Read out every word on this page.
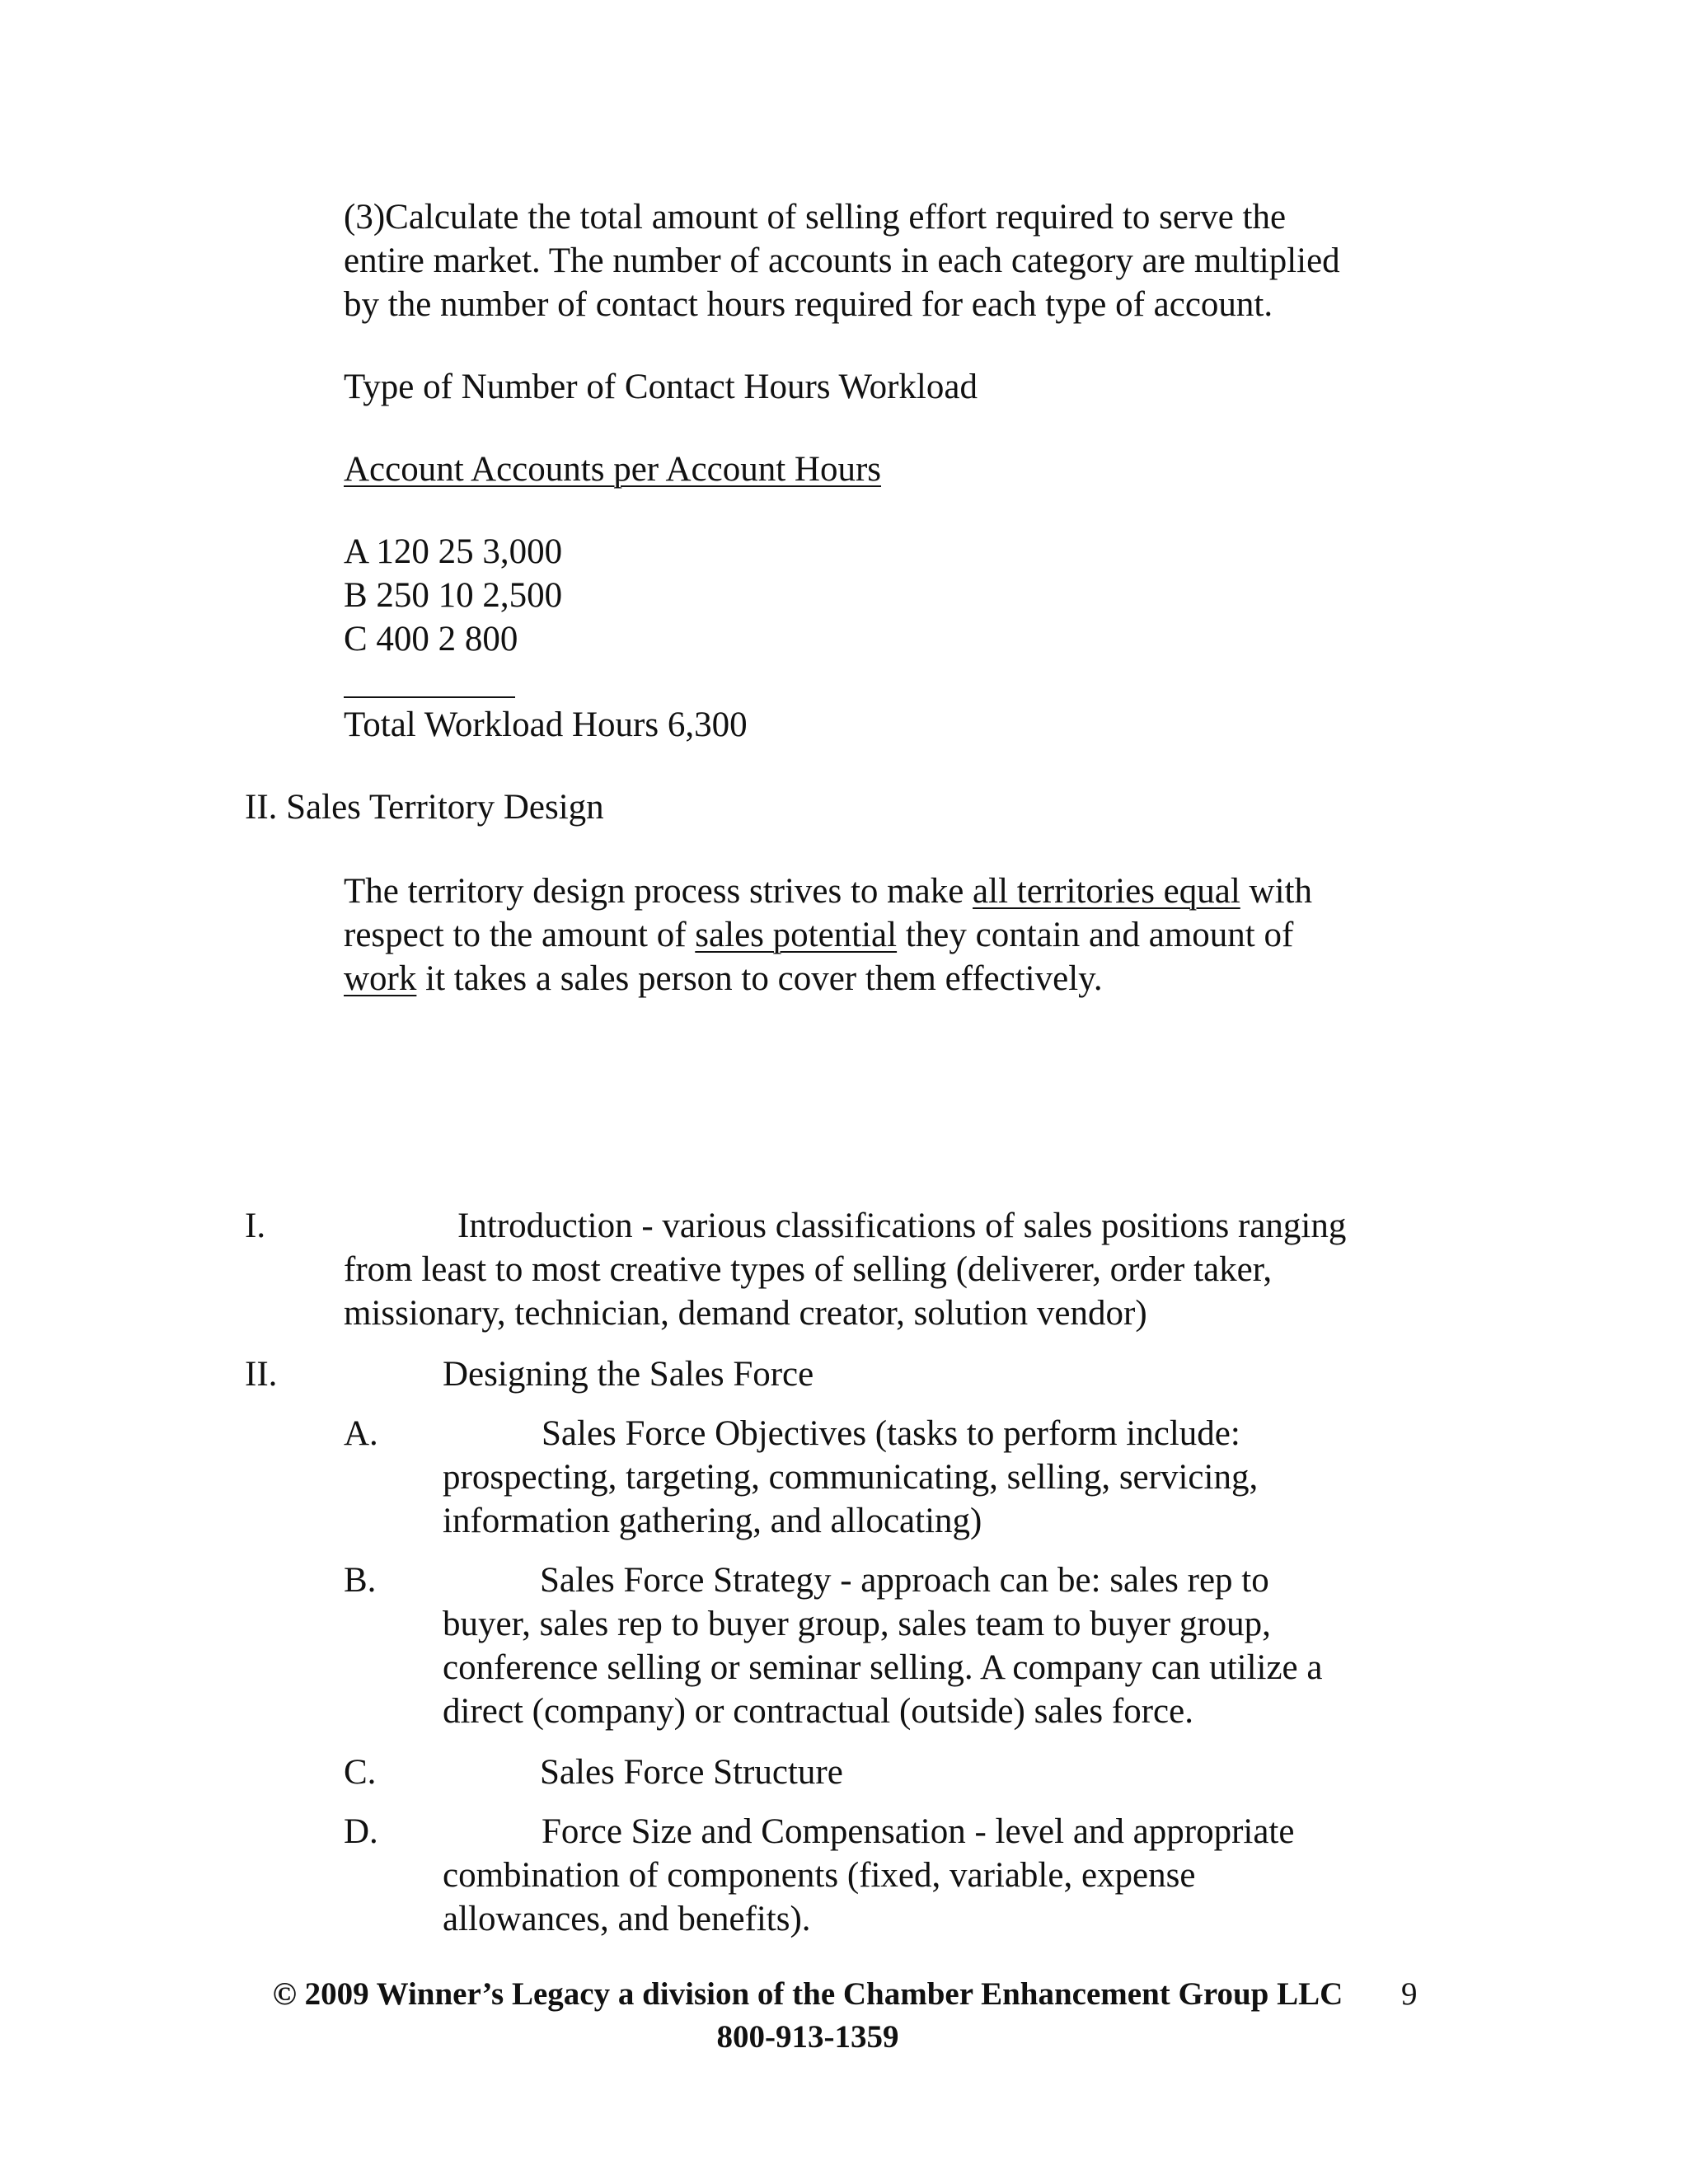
(3)Calculate the total amount of selling effort required to serve the
entire market. The number of accounts in each category are multiplied
by the number of contact hours required for each type of account.
Type of Number of Contact Hours Workload
Account Accounts per Account Hours
A 120 25 3,000
B 250 10 2,500
C 400 2 800
Total Workload Hours 6,300
II. Sales Territory Design
The territory design process strives to make all territories equal with
respect to the amount of sales potential they contain and amount of
work it takes a sales person to cover them effectively.
I.	Introduction - various classifications of sales positions ranging
from least to most creative types of selling (deliverer, order taker,
missionary, technician, demand creator, solution vendor)
II.	Designing the Sales Force
A.	Sales Force Objectives (tasks to perform include:
prospecting, targeting, communicating, selling, servicing,
information gathering, and allocating)
B.	Sales Force Strategy - approach can be: sales rep to
buyer, sales rep to buyer group, sales team to buyer group,
conference selling or seminar selling. A company can utilize a
direct (company) or contractual (outside) sales force.
C.	Sales Force Structure
D.	Force Size and Compensation - level and appropriate
combination of components (fixed, variable, expense
allowances, and benefits).
© 2009 Winner’s Legacy a division of the Chamber Enhancement Group LLC
800-913-1359
9
